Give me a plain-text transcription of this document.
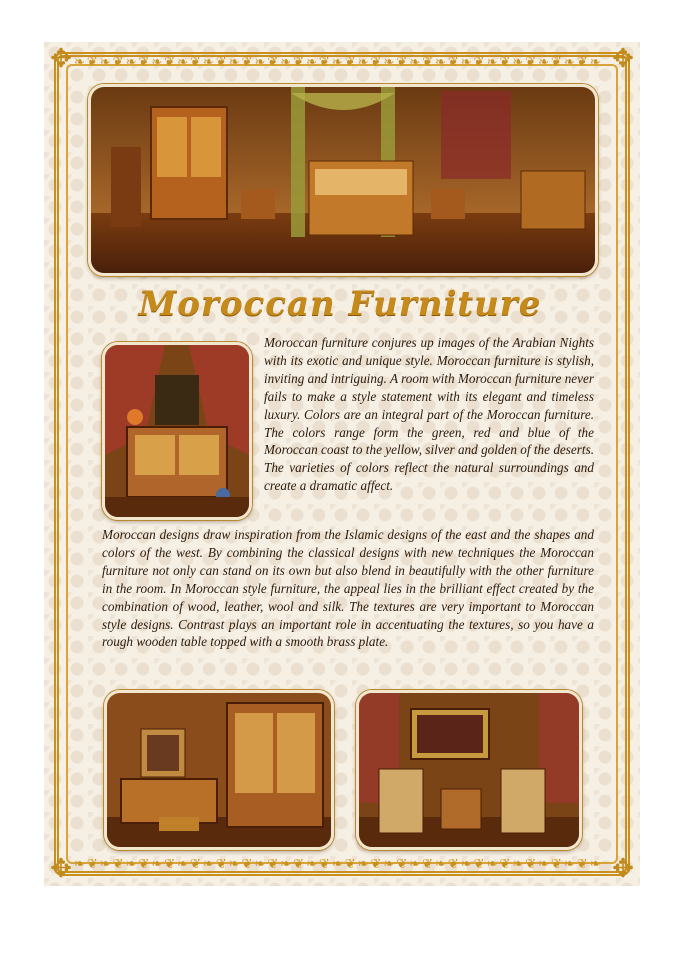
❧❦❧❦❧❦❧❦❧❦❧❦❧❦❧❦❧❦❧❦❧❦❧❦❧❦❧❦❧❦❧❦❧❦❧❦❧❦❧❦❧
❧❦❧❦❧❦❧❦❧❦❧❦❧❦❧❦❧❦❧❦❧❦❧❦❧❦❧❦❧❦❧❦❧❦❧❦❧❦❧❦❧
✥	✥
✥	✥
Moroccan Furniture
Moroccan furniture conjures up images of the Arabian Nights with its exotic and unique style. Moroccan furniture is stylish, inviting and intriguing. A room with Moroccan furniture never fails to make a style statement with its elegant and timeless luxury. Colors are an integral part of the Moroccan furniture. The colors range form the green, red and blue of the Moroccan coast to the yellow, silver and golden of the deserts. The varieties of colors reflect the natural surroundings and create a dramatic affect.
Moroccan designs draw inspiration from the Islamic designs of the east and the shapes and colors of the west. By combining the classical designs with new techniques the Moroccan furniture not only can stand on its own but also blend in beautifully with the other furniture in the room. In Moroccan style furniture, the appeal lies in the brilliant effect created by the combination of wood, leather, wool and silk. The textures are very important to Moroccan style designs. Contrast plays an important role in accentuating the textures, so you have a rough wooden table topped with a smooth brass plate.
